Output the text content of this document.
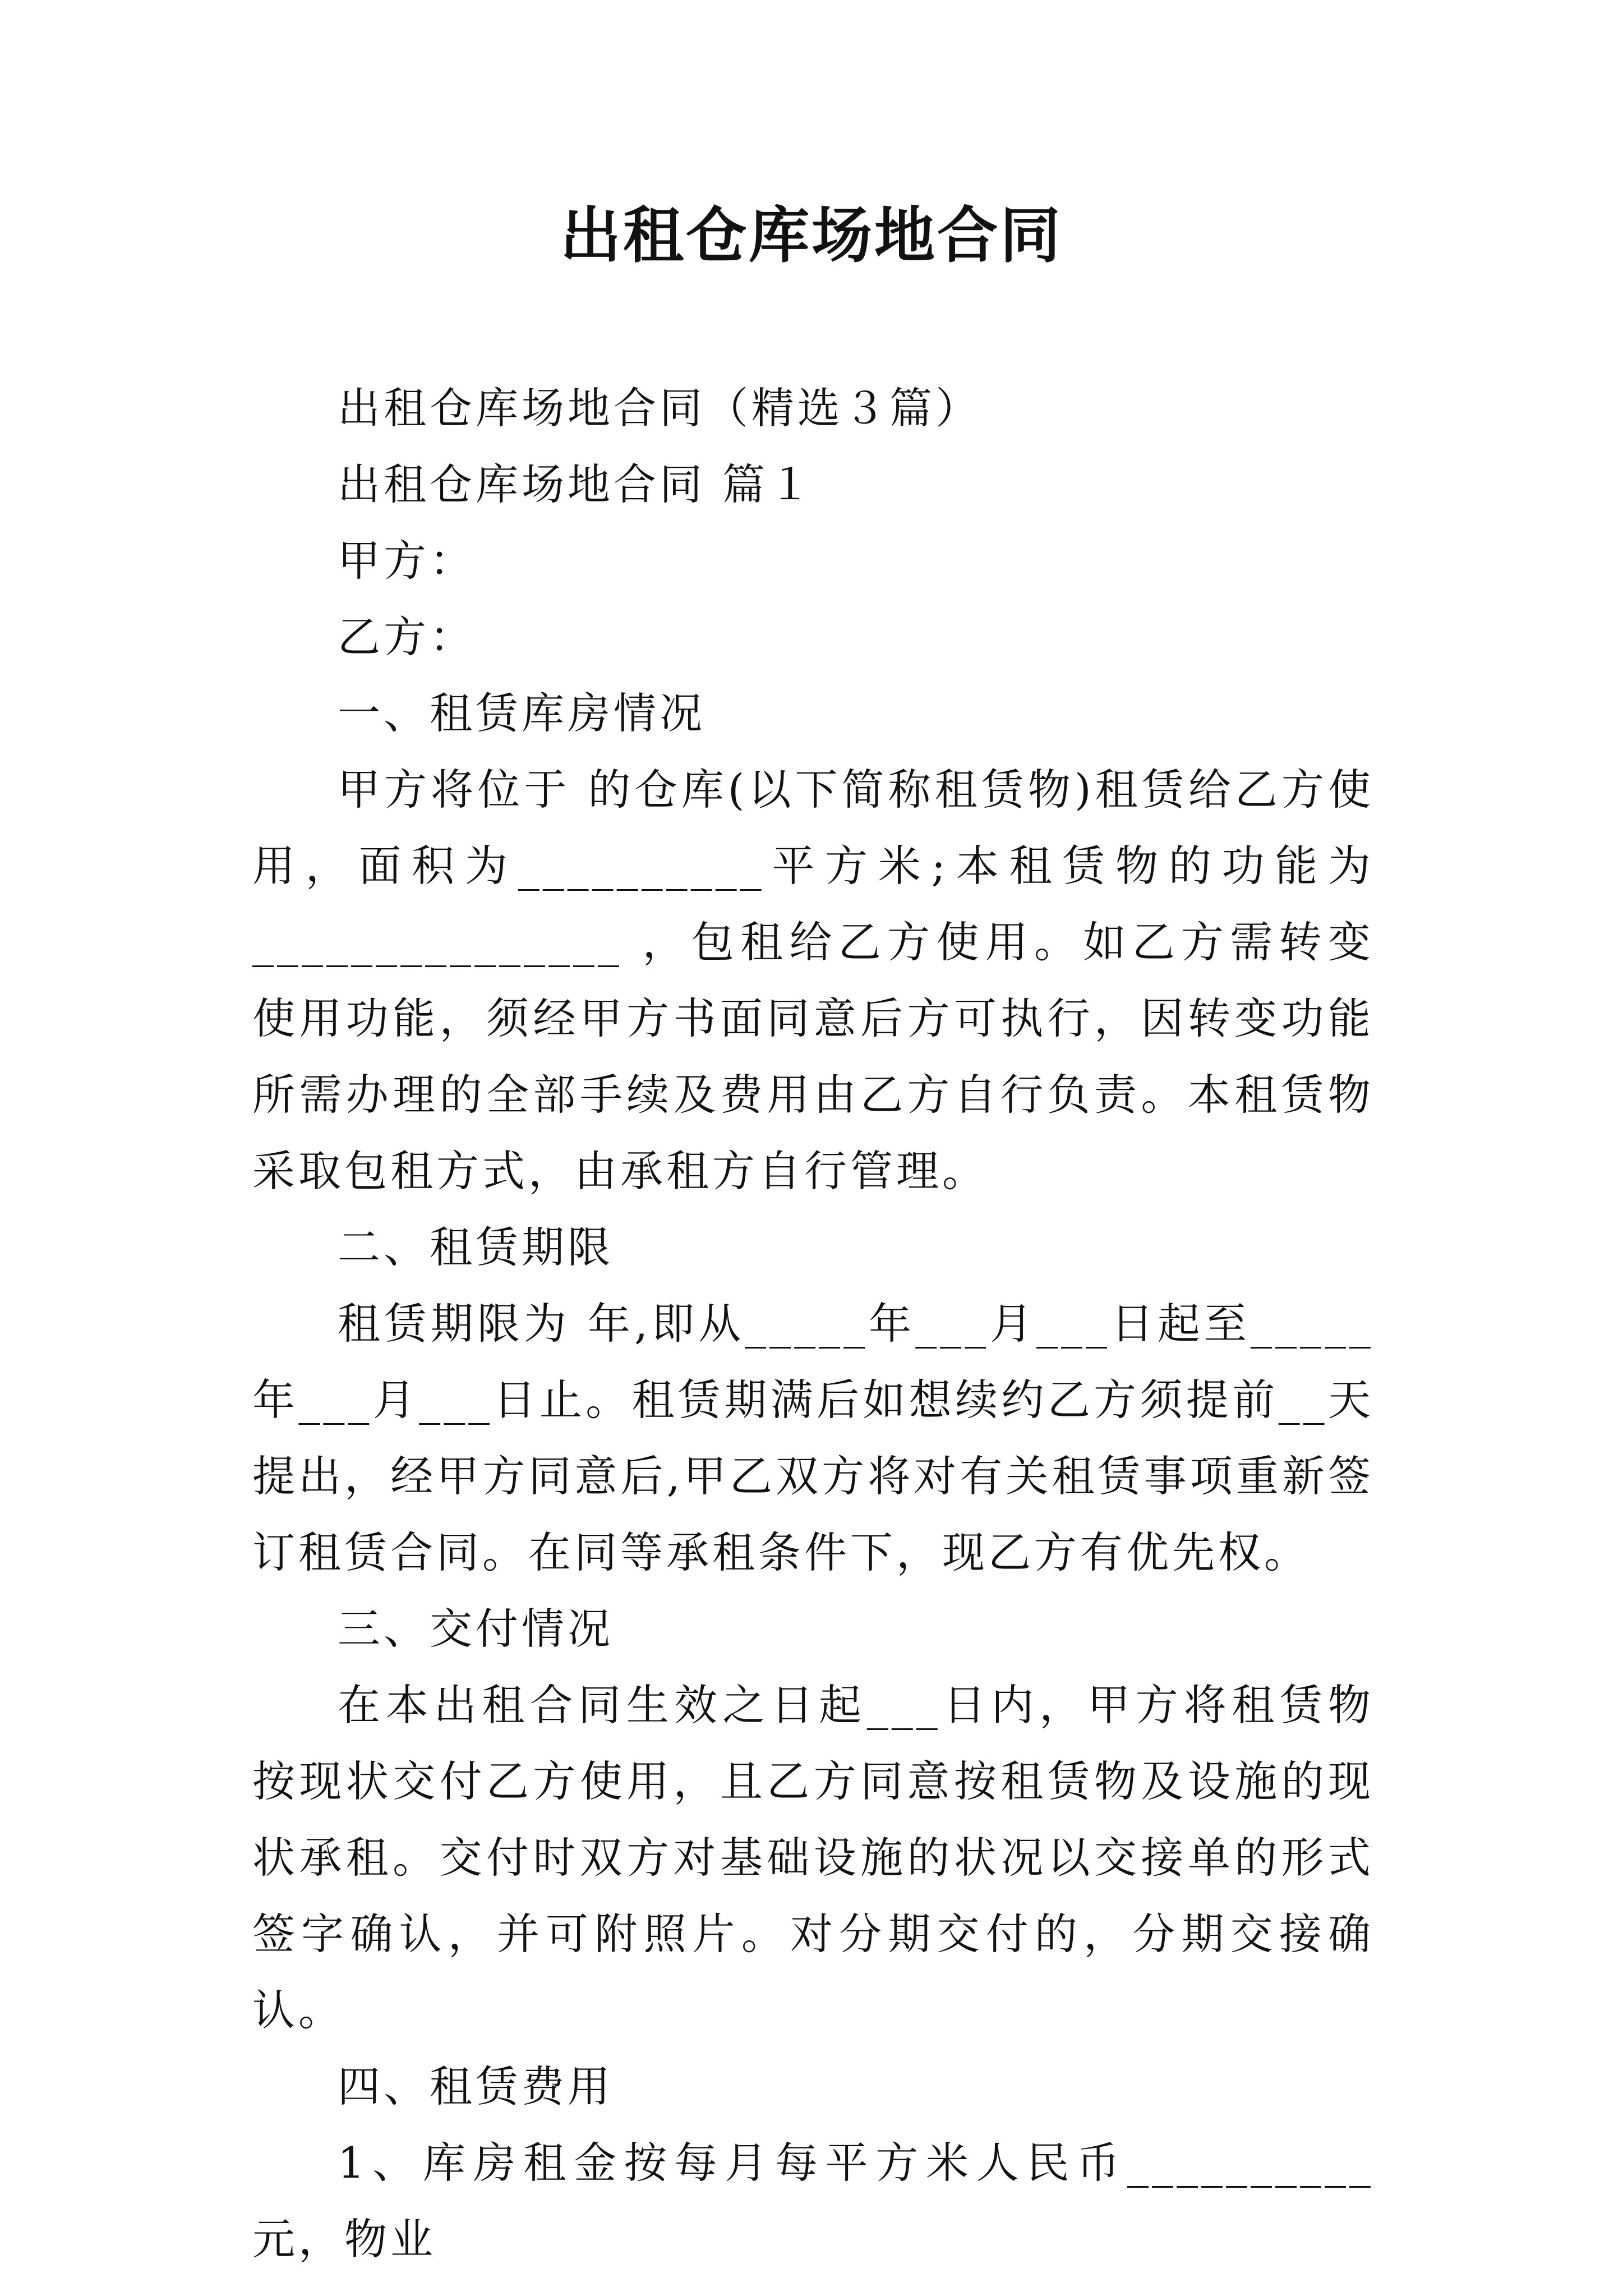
出租仓库场地合同

出租仓库场地合同（精选３篇）

出租仓库场地合同 篇１

甲方：

乙方：

一、租赁库房情况

甲方将位于 的仓库(以下简称租赁物)租赁给乙方使用，面积为__________平方米;本租赁物的功能为_______________ ，包租给乙方使用。如乙方需转变使用功能，须经甲方书面同意后方可执行，因转变功能所需办理的全部手续及费用由乙方自行负责。本租赁物采取包租方式，由承租方自行管理。

二、租赁期限

租赁期限为 年,即从_____年___月___日起至_____年___月___日止。租赁期满后如想续约乙方须提前__天提出，经甲方同意后,甲乙双方将对有关租赁事项重新签订租赁合同。在同等承租条件下，现乙方有优先权。

三、交付情况

在本出租合同生效之日起___日内，甲方将租赁物按现状交付乙方使用，且乙方同意按租赁物及设施的现状承租。交付时双方对基础设施的状况以交接单的形式签字确认，并可附照片。对分期交付的，分期交接确认。

四、租赁费用

1、库房租金按每月每平方米人民币__________元，物业
